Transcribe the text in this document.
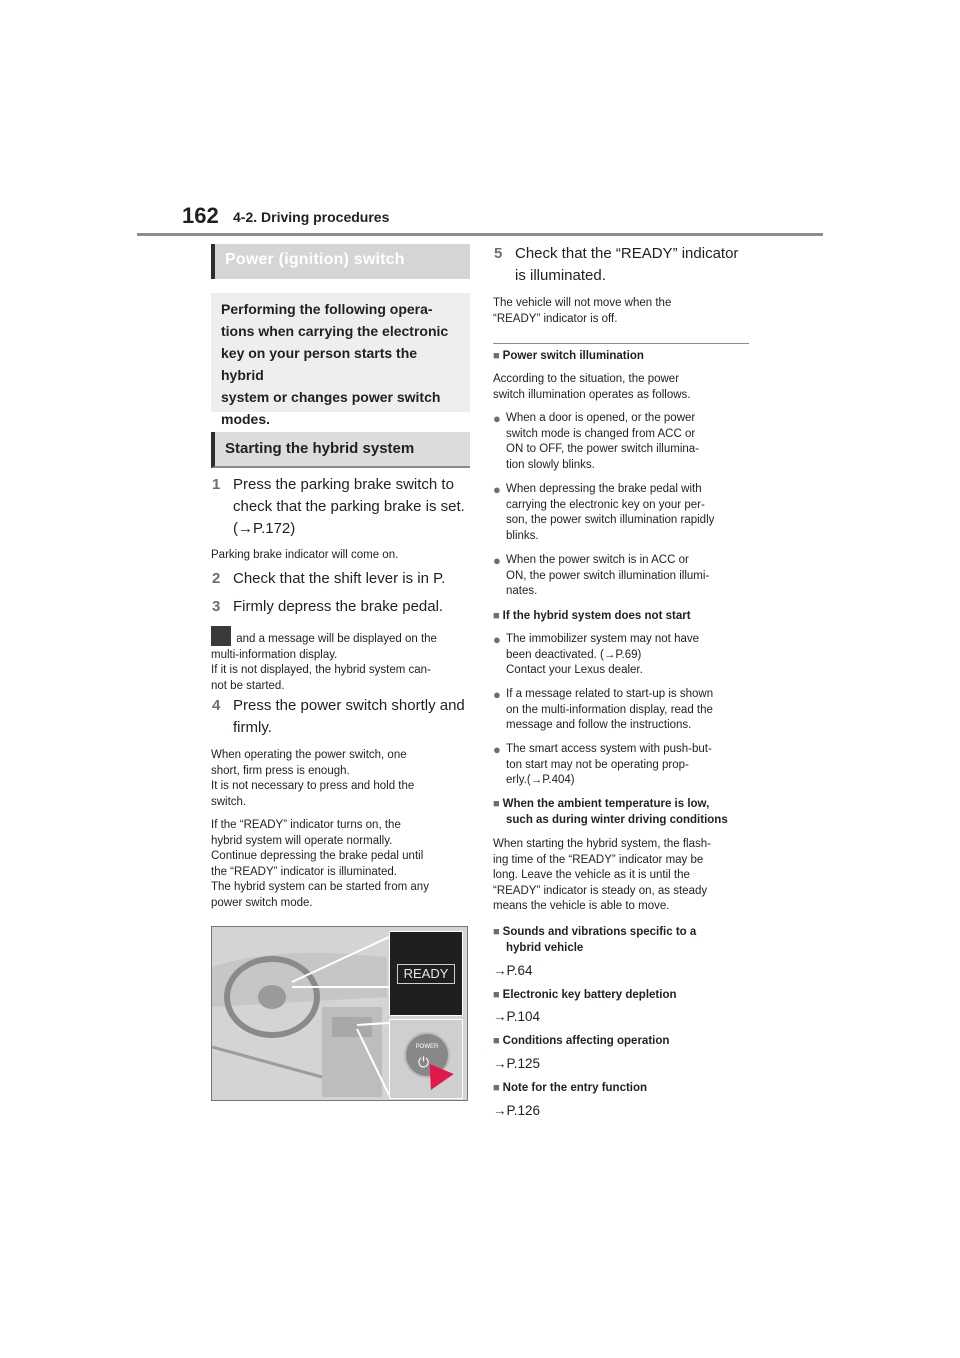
162 4-2. Driving procedures
Power (ignition) switch
Performing the following opera-
tions when carrying the electronic
key on your person starts the hybrid
system or changes power switch
modes.
Starting the hybrid system
1 Press the parking brake switch to
check that the parking brake is set.
(→P.172)
Parking brake indicator will come on.
2 Check that the shift lever is in P.
3 Firmly depress the brake pedal.
and a message will be displayed on the
multi-information display.
If it is not displayed, the hybrid system can-
not be started.
4 Press the power switch shortly and
firmly.
When operating the power switch, one
short, firm press is enough.
It is not necessary to press and hold the
switch.
If the “READY” indicator turns on, the
hybrid system will operate normally.
Continue depressing the brake pedal until
the “READY” indicator is illuminated.
The hybrid system can be started from any
power switch mode.
READY
POWER
⏻
5 Check that the “READY” indicator
is illuminated.
The vehicle will not move when the
“READY” indicator is off.
■ Power switch illumination
According to the situation, the power
switch illumination operates as follows.
● When a door is opened, or the power
switch mode is changed from ACC or
ON to OFF, the power switch illumina-
tion slowly blinks.
● When depressing the brake pedal with
carrying the electronic key on your per-
son, the power switch illumination rapidly
blinks.
● When the power switch is in ACC or
ON, the power switch illumination illumi-
nates.
■ If the hybrid system does not start
● The immobilizer system may not have
been deactivated. (→P.69)
Contact your Lexus dealer.
● If a message related to start-up is shown
on the multi-information display, read the
message and follow the instructions.
● The smart access system with push-but-
ton start may not be operating prop-
erly.(→P.404)
■ When the ambient temperature is low,
such as during winter driving conditions
When starting the hybrid system, the flash-
ing time of the “READY” indicator may be
long. Leave the vehicle as it is until the
“READY” indicator is steady on, as steady
means the vehicle is able to move.
■ Sounds and vibrations specific to a
hybrid vehicle
→P.64
■ Electronic key battery depletion
→P.104
■ Conditions affecting operation
→P.125
■ Note for the entry function
→P.126
